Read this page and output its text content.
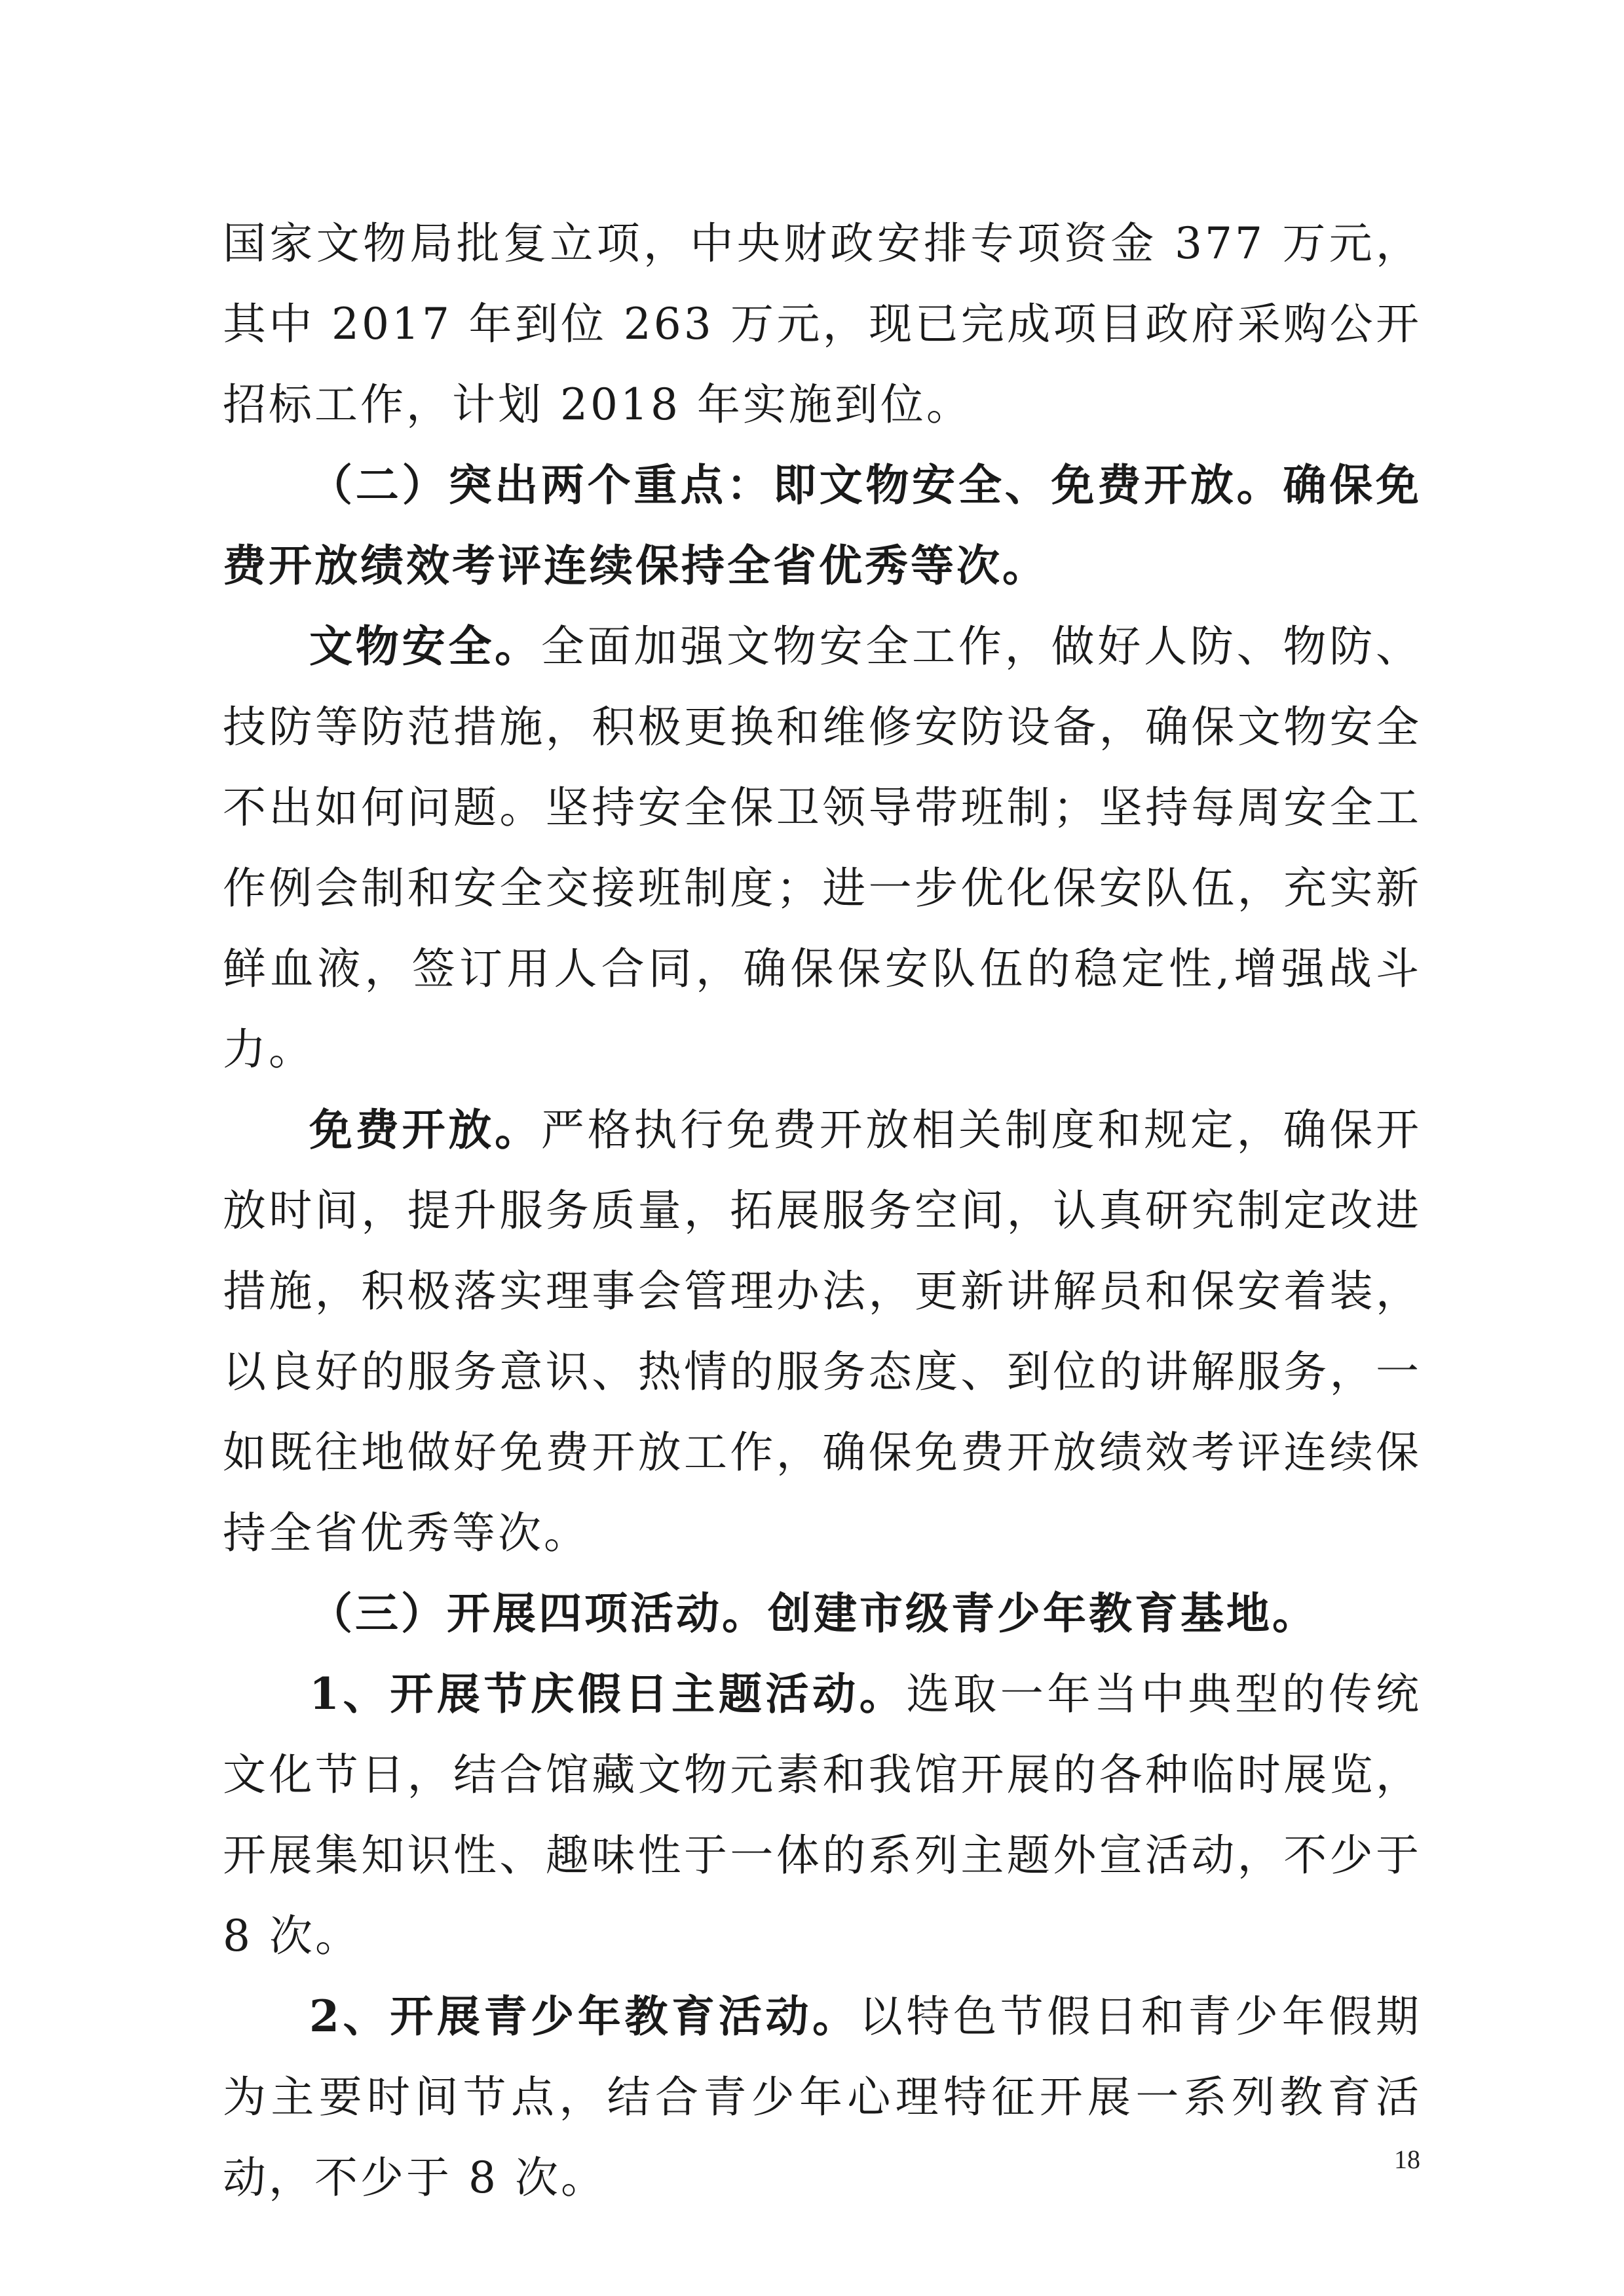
国家文物局批复立项，中央财政安排专项资金 377 万元，其中 2017 年到位 263 万元，现已完成项目政府采购公开招标工作，计划 2018 年实施到位。

（二）突出两个重点：即文物安全、免费开放。确保免费开放绩效考评连续保持全省优秀等次。

文物安全。全面加强文物安全工作，做好人防、物防、技防等防范措施，积极更换和维修安防设备，确保文物安全不出如何问题。坚持安全保卫领导带班制；坚持每周安全工作例会制和安全交接班制度；进一步优化保安队伍，充实新鲜血液，签订用人合同，确保保安队伍的稳定性,增强战斗力。

免费开放。严格执行免费开放相关制度和规定，确保开放时间，提升服务质量，拓展服务空间，认真研究制定改进措施，积极落实理事会管理办法，更新讲解员和保安着装，以良好的服务意识、热情的服务态度、到位的讲解服务，一如既往地做好免费开放工作，确保免费开放绩效考评连续保持全省优秀等次。

（三）开展四项活动。创建市级青少年教育基地。

1、开展节庆假日主题活动。选取一年当中典型的传统文化节日，结合馆藏文物元素和我馆开展的各种临时展览，开展集知识性、趣味性于一体的系列主题外宣活动，不少于 8 次。

2、开展青少年教育活动。以特色节假日和青少年假期为主要时间节点，结合青少年心理特征开展一系列教育活动，不少于 8 次。	18
